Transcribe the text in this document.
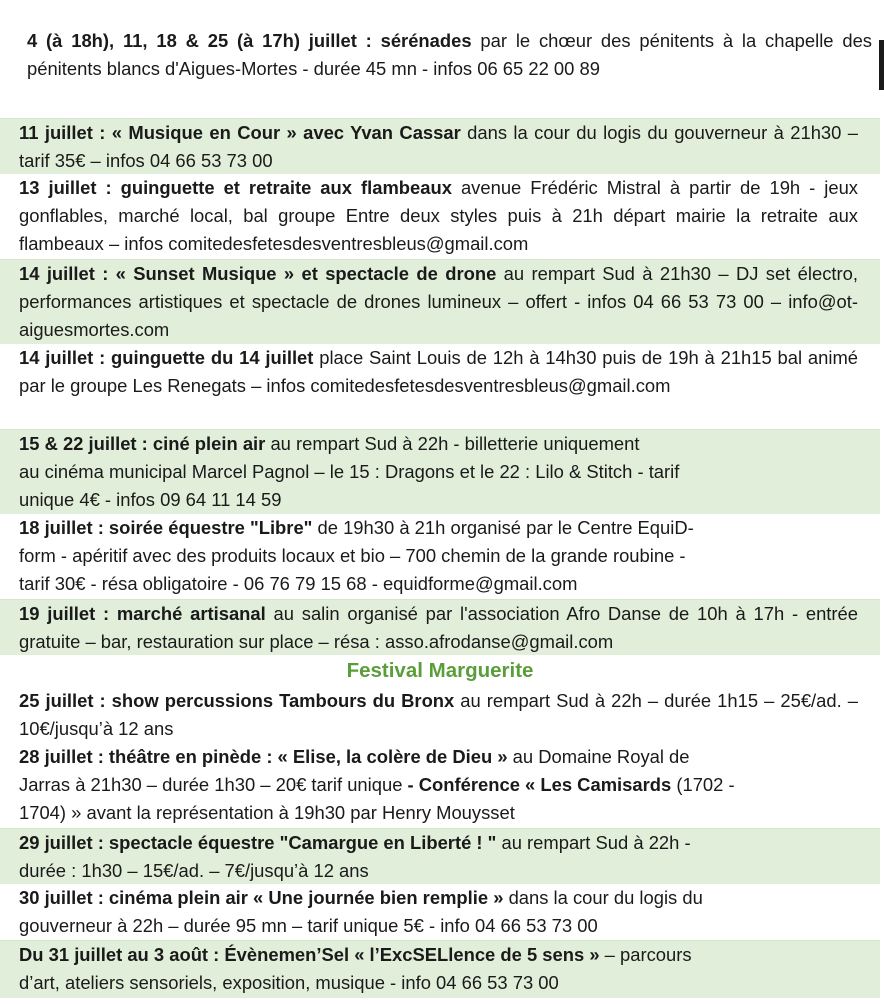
4 (à 18h), 11, 18 & 25 (à 17h) juillet : sérénades par le chœur des pénitents à la chapelle des pénitents blancs d'Aigues-Mortes - durée 45 mn - infos 06 65 22 00 89
11 juillet : « Musique en Cour » avec Yvan Cassar dans la cour du logis du gouverneur à 21h30 – tarif 35€ – infos 04 66 53 73 00
13 juillet : guinguette et retraite aux flambeaux avenue Frédéric Mistral à partir de 19h - jeux gonflables, marché local, bal groupe Entre deux styles puis à 21h départ mairie la retraite aux flambeaux – infos comitedesfetesdesventresbleus@gmail.com
14 juillet : « Sunset Musique » et spectacle de drone au rempart Sud à 21h30 – DJ set électro, performances artistiques et spectacle de drones lumineux – offert - infos 04 66 53 73 00 – info@ot-aiguesmortes.com
14 juillet : guinguette du 14 juillet place Saint Louis de 12h à 14h30 puis de 19h à 21h15 bal animé par le groupe Les Renegats – infos comitedesfetesdesventresbleus@gmail.com
15 & 22 juillet : ciné plein air au rempart Sud à 22h - billetterie uniquement
au cinéma municipal Marcel Pagnol – le 15 : Dragons et le 22 : Lilo & Stitch - tarif
unique 4€ - infos 09 64 11 14 59
18 juillet : soirée équestre "Libre" de 19h30 à 21h organisé par le Centre EquiD-
form - apéritif avec des produits locaux et bio – 700 chemin de la grande roubine -
tarif 30€ - résa obligatoire - 06 76 79 15 68 - equidforme@gmail.com
19 juillet : marché artisanal au salin organisé par l'association Afro Danse de 10h à 17h - entrée gratuite – bar, restauration sur place – résa : asso.afrodanse@gmail.com
Festival Marguerite
25 juillet : show percussions Tambours du Bronx au rempart Sud à 22h – durée 1h15 – 25€/ad. – 10€/jusqu’à 12 ans
28 juillet : théâtre en pinède : « Elise, la colère de Dieu » au Domaine Royal de
Jarras à 21h30 – durée 1h30 – 20€ tarif unique - Conférence « Les Camisards (1702 -
1704) » avant la représentation à 19h30 par Henry Mouysset
29 juillet : spectacle équestre "Camargue en Liberté ! " au rempart Sud à 22h -
durée : 1h30 – 15€/ad. – 7€/jusqu’à 12 ans
30 juillet : cinéma plein air « Une journée bien remplie » dans la cour du logis du
gouverneur à 22h – durée 95 mn – tarif unique 5€ - info 04 66 53 73 00
Du 31 juillet au 3 août : Évènemen’Sel « l’ExcSELlence de 5 sens » – parcours
d’art, ateliers sensoriels, exposition, musique - info 04 66 53 73 00
